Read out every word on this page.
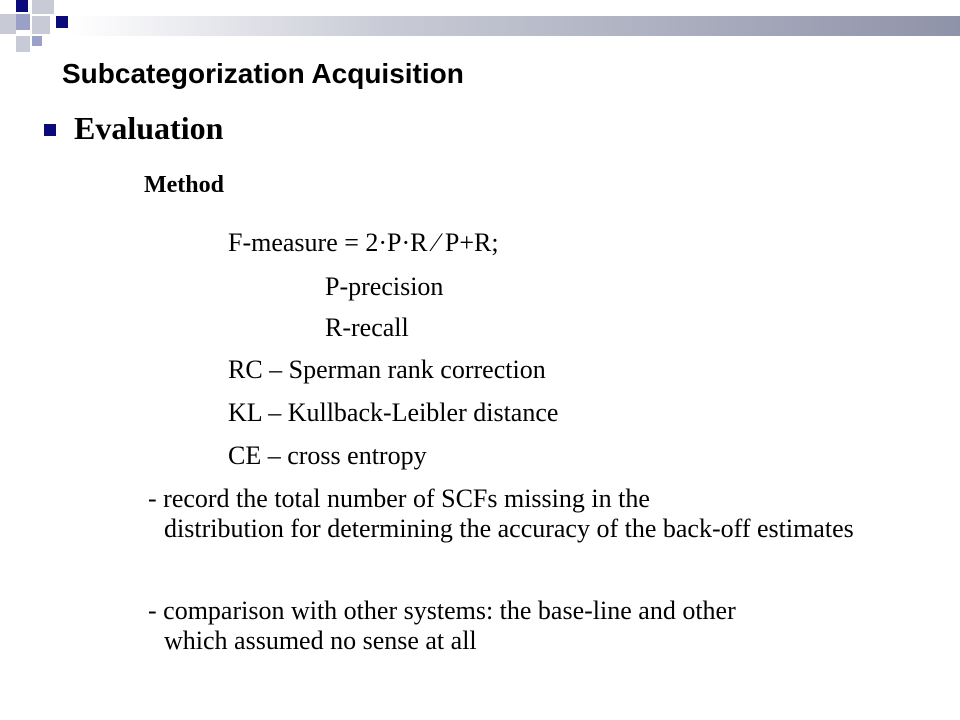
Subcategorization Acquisition
Evaluation
Method
F-measure = 2·P·R ⁄ P+R;
P-precision
R-recall
RC – Sperman rank correction
KL – Kullback-Leibler distance
CE – cross entropy
- record the total number of SCFs missing in the
distribution for determining the accuracy of the back-off estimates
- comparison with other systems: the base-line and other
which assumed no sense at all
